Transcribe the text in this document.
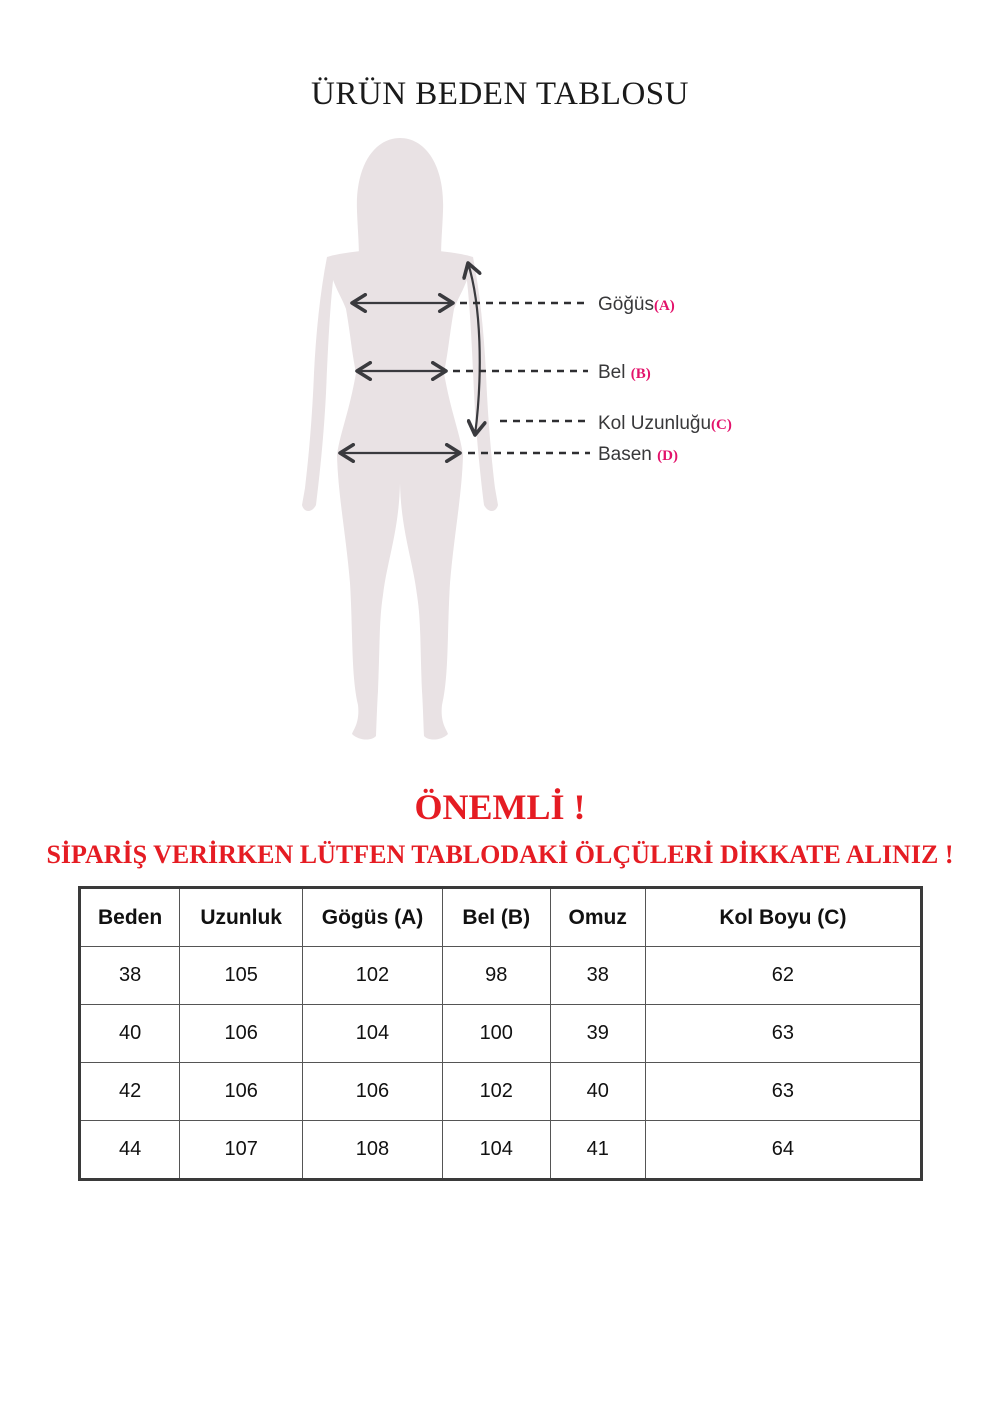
ÜRÜN BEDEN TABLOSU
Göğüs(A)
Bel (B)
Kol Uzunluğu(C)
Basen (D)
ÖNEMLİ !
SİPARİŞ VERİRKEN LÜTFEN TABLODAKİ ÖLÇÜLERİ DİKKATE ALINIZ !
Beden	Uzunluk	Gögüs (A)	Bel (B)	Omuz	Kol Boyu (C)
38	105	102	98	38	62
40	106	104	100	39	63
42	106	106	102	40	63
44	107	108	104	41	64
